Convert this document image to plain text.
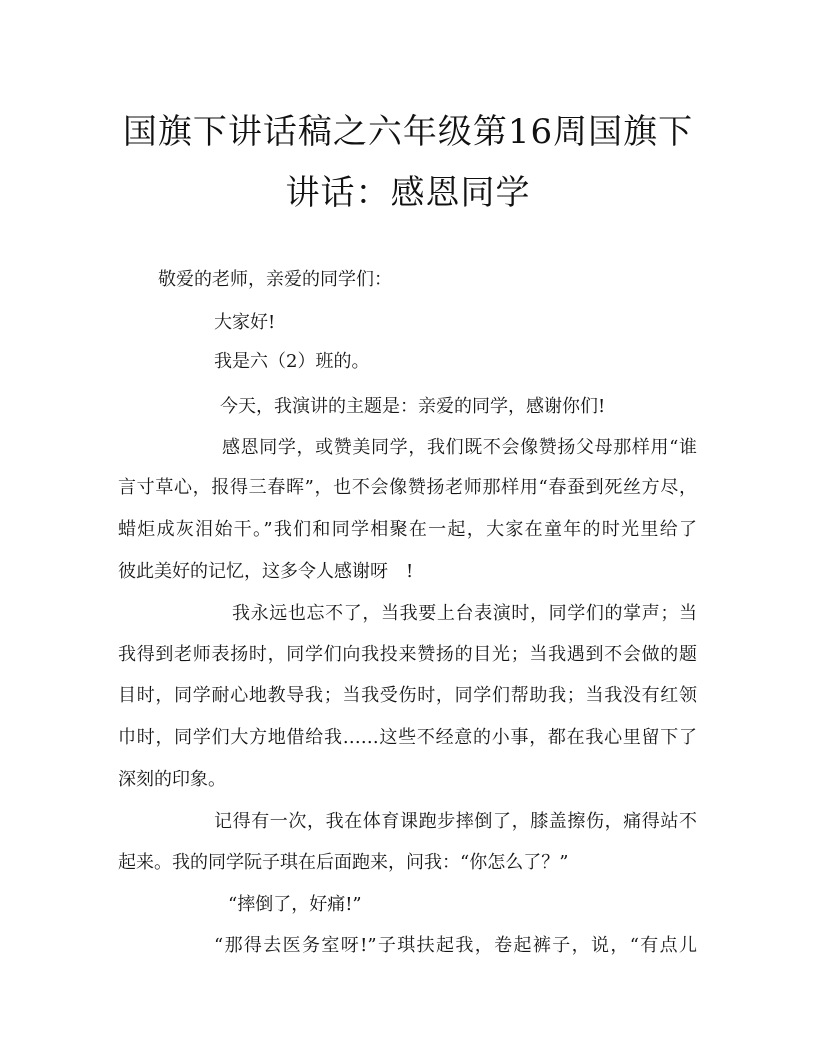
国旗下讲话稿之六年级第16周国旗下
讲话：感恩同学
敬爱的老师，亲爱的同学们：
大家好!
我是六（2）班的。
今天，我演讲的主题是：亲爱的同学，感谢你们!
感恩同学，或赞美同学，我们既不会像赞扬父母那样用“谁
言寸草心，报得三春晖”，也不会像赞扬老师那样用“春蚕到死丝方尽，
蜡炬成灰泪始干。”我们和同学相聚在一起，大家在童年的时光里给了
彼此美好的记忆，这多令人感谢呀　!
我永远也忘不了，当我要上台表演时，同学们的掌声；当
我得到老师表扬时，同学们向我投来赞扬的目光；当我遇到不会做的题
目时，同学耐心地教导我；当我受伤时，同学们帮助我；当我没有红领
巾时，同学们大方地借给我……这些不经意的小事，都在我心里留下了
深刻的印象。
记得有一次，我在体育课跑步摔倒了，膝盖擦伤，痛得站不
起来。我的同学阮子琪在后面跑来，问我：“你怎么了？”
“摔倒了，好痛!”
“那得去医务室呀!”子琪扶起我，卷起裤子，说，“有点儿
